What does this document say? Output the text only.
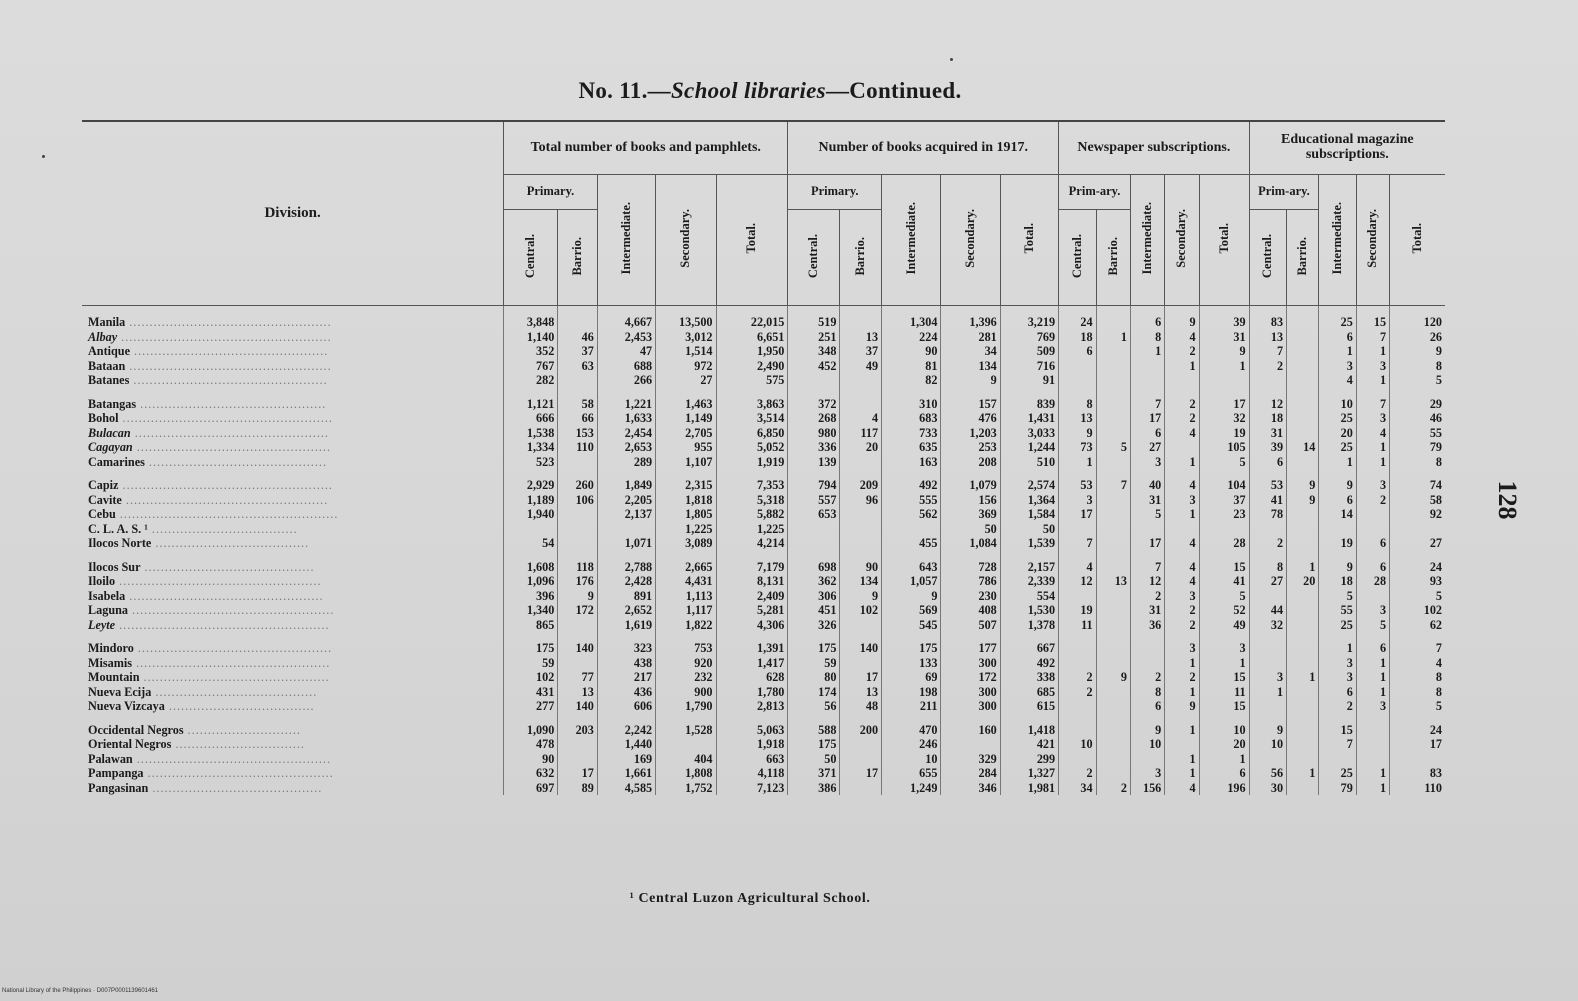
No. 11.—School libraries—Continued.
128
Division.	Total number of books and pamphlets.					Number of books acquired in 1917.					Newspaper subscriptions.					Educational magazine subscriptions.				
	Primary.		Intermediate.	Secondary.	Total.	Primary.		Intermediate.	Secondary.	Total.	Prim-ary.		Intermediate.	Secondary.	Total.	Prim-ary.		Intermediate.	Secondary.	Total.
	Central.	Barrio.				Central.	Barrio.				Central.	Barrio.				Central.	Barrio.			

Manila ..................................................	3,848		4,667	13,500	22,015	519		1,304	1,396	3,219	24		6	9	39	83		25	15	120
Albay ....................................................	1,140	46	2,453	3,012	6,651	251	13	224	281	769	18	1	8	4	31	13		6	7	26
Antique ................................................	352	37	47	1,514	1,950	348	37	90	34	509	6		1	2	9	7		1	1	9
Bataan ..................................................	767	63	688	972	2,490	452	49	81	134	716				1	1	2		3	3	8
Batanes ................................................	282		266	27	575			82	9	91								4	1	5

Batangas ..............................................	1,121	58	1,221	1,463	3,863	372		310	157	839	8		7	2	17	12		10	7	29
Bohol ....................................................	666	66	1,633	1,149	3,514	268	4	683	476	1,431	13		17	2	32	18		25	3	46
Bulacan ................................................	1,538	153	2,454	2,705	6,850	980	117	733	1,203	3,033	9		6	4	19	31		20	4	55
Cagayan ................................................	1,334	110	2,653	955	5,052	336	20	635	253	1,244	73	5	27		105	39	14	25	1	79
Camarines ............................................	523		289	1,107	1,919	139		163	208	510	1		3	1	5	6		1	1	8

Capiz ....................................................	2,929	260	1,849	2,315	7,353	794	209	492	1,079	2,574	53	7	40	4	104	53	9	9	3	74
Cavite ..................................................	1,189	106	2,205	1,818	5,318	557	96	555	156	1,364	3		31	3	37	41	9	6	2	58
Cebu ......................................................	1,940		2,137	1,805	5,882	653		562	369	1,584	17		5	1	23	78		14		92
C. L. A. S. ¹ ....................................				1,225	1,225				50	50										
Ilocos Norte ......................................	54		1,071	3,089	4,214			455	1,084	1,539	7		17	4	28	2		19	6	27

Ilocos Sur ..........................................	1,608	118	2,788	2,665	7,179	698	90	643	728	2,157	4		7	4	15	8	1	9	6	24
Iloilo ..................................................	1,096	176	2,428	4,431	8,131	362	134	1,057	786	2,339	12	13	12	4	41	27	20	18	28	93
Isabela ................................................	396	9	891	1,113	2,409	306	9	9	230	554			2	3	5			5		5
Laguna ..................................................	1,340	172	2,652	1,117	5,281	451	102	569	408	1,530	19		31	2	52	44		55	3	102
Leyte ....................................................	865		1,619	1,822	4,306	326		545	507	1,378	11		36	2	49	32		25	5	62

Mindoro ................................................	175	140	323	753	1,391	175	140	175	177	667				3	3			1	6	7
Misamis ................................................	59		438	920	1,417	59		133	300	492				1	1			3	1	4
Mountain ..............................................	102	77	217	232	628	80	17	69	172	338	2	9	2	2	15	3	1	3	1	8
Nueva Ecija ........................................	431	13	436	900	1,780	174	13	198	300	685	2		8	1	11	1		6	1	8
Nueva Vizcaya ....................................	277	140	606	1,790	2,813	56	48	211	300	615			6	9	15			2	3	5

Occidental Negros ............................	1,090	203	2,242	1,528	5,063	588	200	470	160	1,418			9	1	10	9		15		24
Oriental Negros ................................	478		1,440		1,918	175		246		421	10		10		20	10		7		17
Palawan ................................................	90		169	404	663	50		10	329	299				1	1					
Pampanga ..............................................	632	17	1,661	1,808	4,118	371	17	655	284	1,327	2		3	1	6	56	1	25	1	83
Pangasinan ..........................................	697	89	4,585	1,752	7,123	386		1,249	346	1,981	34	2	156	4	196	30		79	1	110
¹ Central Luzon Agricultural School.
National Library of the Philippines · D007P0001139601461
